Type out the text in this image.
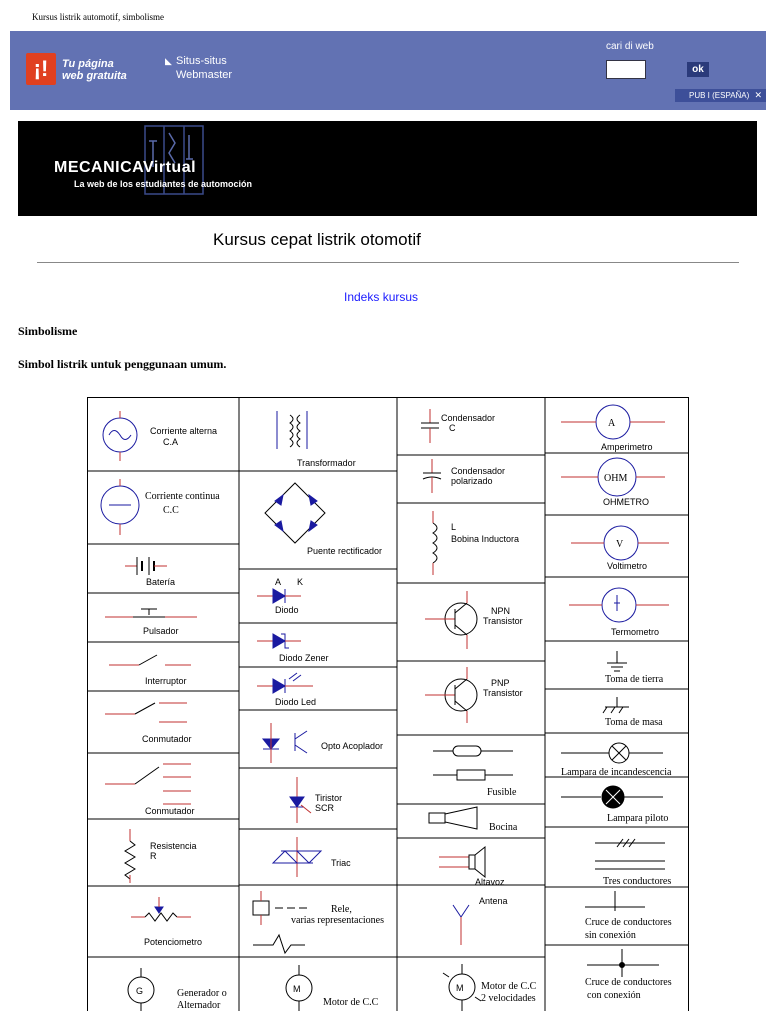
Kursus listrik automotif, simbolisme
¡!	Tu página
web gratuita
◣ Situs-situs
Webmaster
cari di web
ok
PUB I (ESPAÑA) ✕
MECANICAVirtual
La web de los estudiantes de automoción
Kursus cepat listrik otomotif
Indeks kursus
Simbolisme
Simbol listrik untuk penggunaan umum.
Corriente alterna
C.A
Corriente continua
C.C
Batería
Pulsador
Interruptor
Conmutador
Conmutador
Resistencia
R
Potenciometro
G	Generador o
Alternador
Transformador
Puente rectificador
A K
Diodo
Diodo Zener
Diodo Led
Opto Acoplador
Tiristor
SCR
Triac
Rele,
varias representaciones
M
Motor de C.C
Condensador
C
Condensador
polarizado
L
Bobina Inductora
NPN
Transistor
PNP
Transistor
Fusible
Bocina
Altavoz
Antena
M Motor de C.C
2 velocidades
A
Amperimetro
OHM
OHMETRO
V
Voltimetro
Termometro
Toma de tierra
Toma de masa
Lampara de incandescencia
Lampara piloto
Tres conductores
Cruce de conductores
sin conexión
Cruce de conductores
con conexión
